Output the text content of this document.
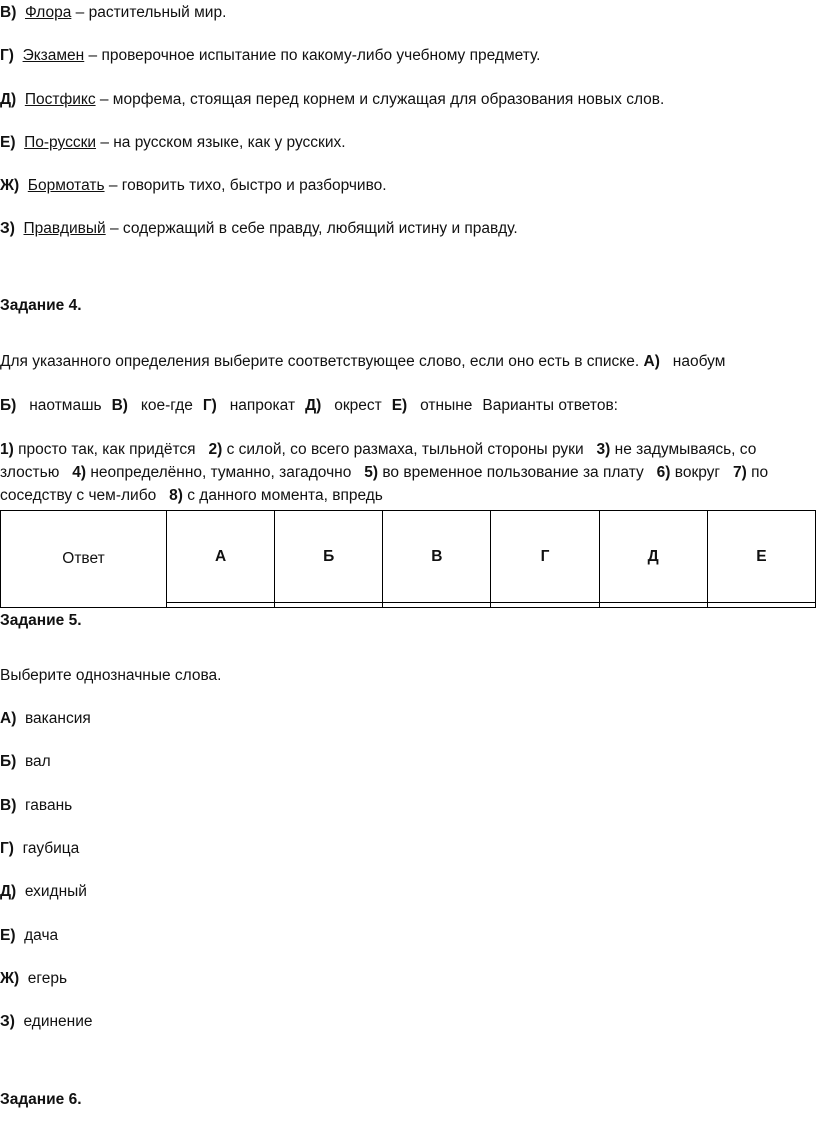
В) Флора – растительный мир.
Г) Экзамен – проверочное испытание по какому-либо учебному предмету.
Д) Постфикс – морфема, стоящая перед корнем и служащая для образования новых слов.
Е) По-русски – на русском языке, как у русских.
Ж) Бормотать – говорить тихо, быстро и разборчиво.
З) Правдивый – содержащий в себе правду, любящий истину и правду.
Задание 4.
Для указанного определения выберите соответствующее слово, если оно есть в списке. А) наобум
Б) наотмашь В) кое-где Г) напрокат Д) окрест Е) отныне Варианты ответов:
1) просто так, как придётся 2) с силой, со всего размаха, тыльной стороны руки 3) не задумываясь, со злостью 4) неопределённо, туманно, загадочно 5) во временное пользование за плату 6) вокруг 7) по соседству с чем-либо 8) с данного момента, впредь
Ответ	А	Б	В	Г	Д	Е

Задание 5.
Выберите однозначные слова.
А) вакансия
Б) вал
В) гавань
Г) гаубица
Д) ехидный
Е) дача
Ж) егерь
З) единение
Задание 6.
